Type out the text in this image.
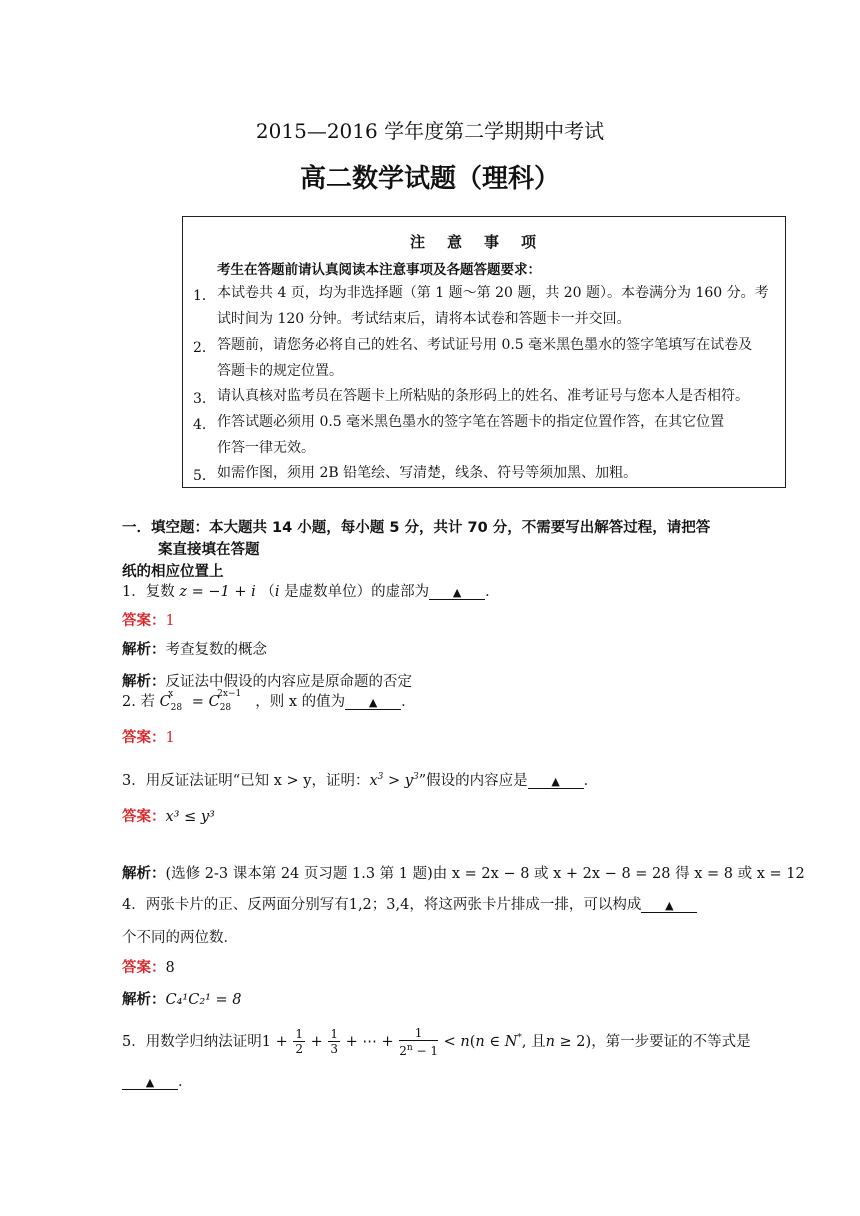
2015—2016 学年度第二学期期中考试
高二数学试题（理科）
注意事项
考生在答题前请认真阅读本注意事项及各题答题要求：
1． 本试卷共 4 页，均为非选择题（第 1 题～第 20 题，共 20 题）。本卷满分为 160 分。考
试时间为 120 分钟。考试结束后，请将本试卷和答题卡一并交回。
2． 答题前，请您务必将自己的姓名、考试证号用 0.5 毫米黑色墨水的签字笔填写在试卷及
答题卡的规定位置。
3． 请认真核对监考员在答题卡上所粘贴的条形码上的姓名、准考证号与您本人是否相符。
4． 作答试题必须用 0.5 毫米黑色墨水的签字笔在答题卡的指定位置作答，在其它位置
作答一律无效。
5． 如需作图，须用 2B 铅笔绘、写清楚，线条、符号等须加黑、加粗。
一．填空题：本大题共 14 小题，每小题 5 分，共计 70 分，不需要写出解答过程，请把答
案直接填在答题
纸的相应位置上
1．复数 z = −1 + i （i 是虚数单位）的虚部为 ▲ ．
答案：1
解析：考查复数的概念
解析：反证法中假设的内容应是原命题的否定
2. 若 $C_{28}^x = C_{28}^{2x-1}$ ，则 x 的值为 ▲ ．
答案：1
3．用反证法证明“已知 x > y，证明：$x^3 > y^3$”假设的内容应是 ▲ ．
答案：x³ ≤ y³
解析：(选修 2-3 课本第 24 页习题 1.3 第 1 题)由 x = 2x − 8 或 x + 2x − 8 = 28 得 x = 8 或 x = 12
4．两张卡片的正、反两面分别写有1,2；3,4，将这两张卡片排成一排，可以构成 ▲
个不同的两位数．
答案：8
解析：C₄¹C₂¹ = 8
5．用数学归纳法证明$1 + \frac{1}{2} + \frac{1}{3}$ + ⋯ + $\frac{1}{2^n - 1} < n(n$ ∈ N*, 且n ≥ 2)，第一步要证的不等式是
▲ ．
